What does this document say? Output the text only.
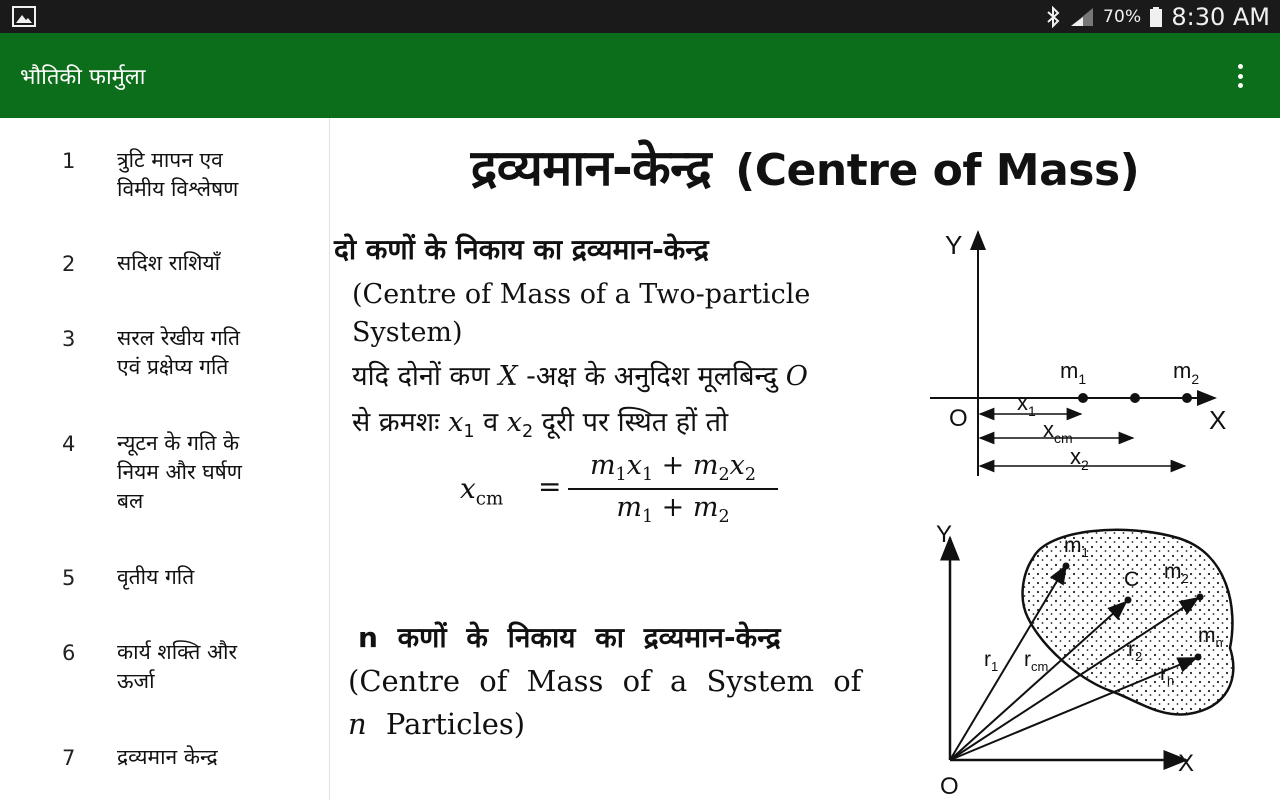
70% 8:30 AM
भौतिकी फार्मुला
1 त्रुटि मापन एव
विमीय विश्लेषण
2 सदिश राशियाँ
3 सरल रेखीय गति
एवं प्रक्षेप्य गति
4 न्यूटन के गति के
नियम और घर्षण
बल
5 वृतीय गति
6 कार्य शक्ति और
ऊर्जा
7 द्रव्यमान केन्द्र
द्रव्यमान-केन्द्र (Centre of Mass)
दो कणों के निकाय का द्रव्यमान-केन्द्र
(Centre of Mass of a Two-particle
System)
यदि दोनों कण X -अक्ष के अनुदिश मूलबिन्दु O
से क्रमशः $x_1$ व $x_2$ दूरी पर स्थित हों तो
$x_{cm}$ =
$m_1x_1 + m_2x_2$
$m_1 + m_2$
n कणों के निकाय का द्रव्यमान-केन्द्र
(Centre of Mass of a System of
n Particles)
Y
X
O
$m_1$	$m_2$
$x_1$
$x_{cm}$
$x_2$
Y
X
O
$m_1$
C $m_2$
$m_n$
$r_1$ $r_{cm}$
$r_2$
$r_n$
